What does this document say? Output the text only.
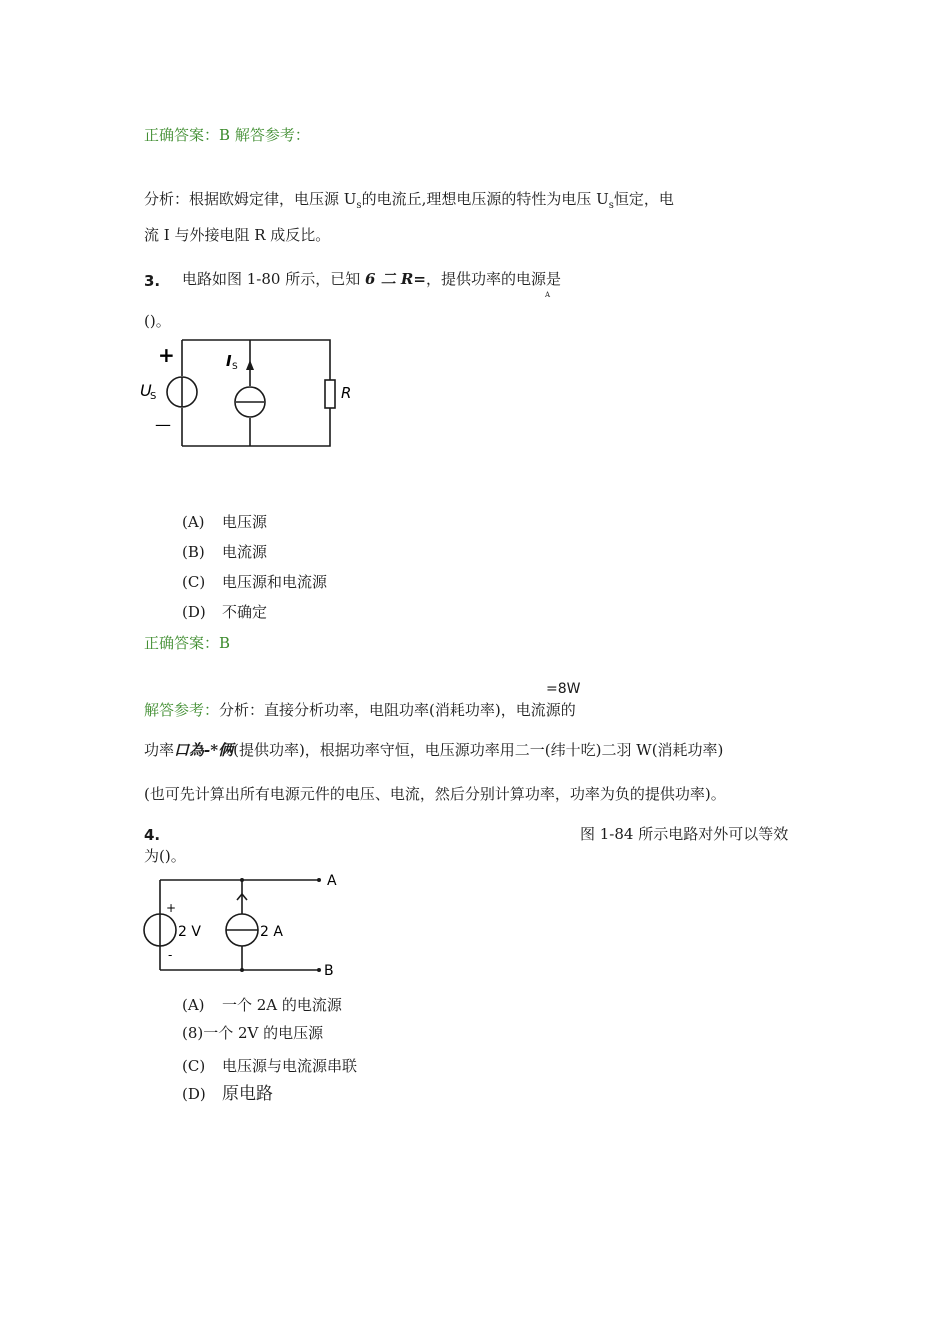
正确答案：B 解答参考：
分析：根据欧姆定律，电压源 $U_s$的电流丘,理想电压源的特性为电压 $U_s$恒定，电
流 I 与外接电阻 R 成反比。
3. 电路如图 1-80 所示，已知 6 二 R=，提供功率的电源是
A
()。
+
—
U
S
I S
R
(A) 电压源
(B) 电流源
(C) 电压源和电流源
(D) 不确定
正确答案：B
=8W
解答参考：分析：直接分析功率，电阻功率(消耗功率)，电流源的
功率口為-*俩(提供功率)，根据功率守恒，电压源功率用二一(纬十吃)二羽 W(消耗功率)
(也可先计算出所有电源元件的电压、电流，然后分别计算功率，功率为负的提供功率)。
4.	图 1-84 所示电路对外可以等效
为()。
+
-
2 V	2 A
A
B
(A) 一个 2A 的电流源
(8)一个 2V 的电压源
(C) 电压源与电流源串联
(D) 原电路
